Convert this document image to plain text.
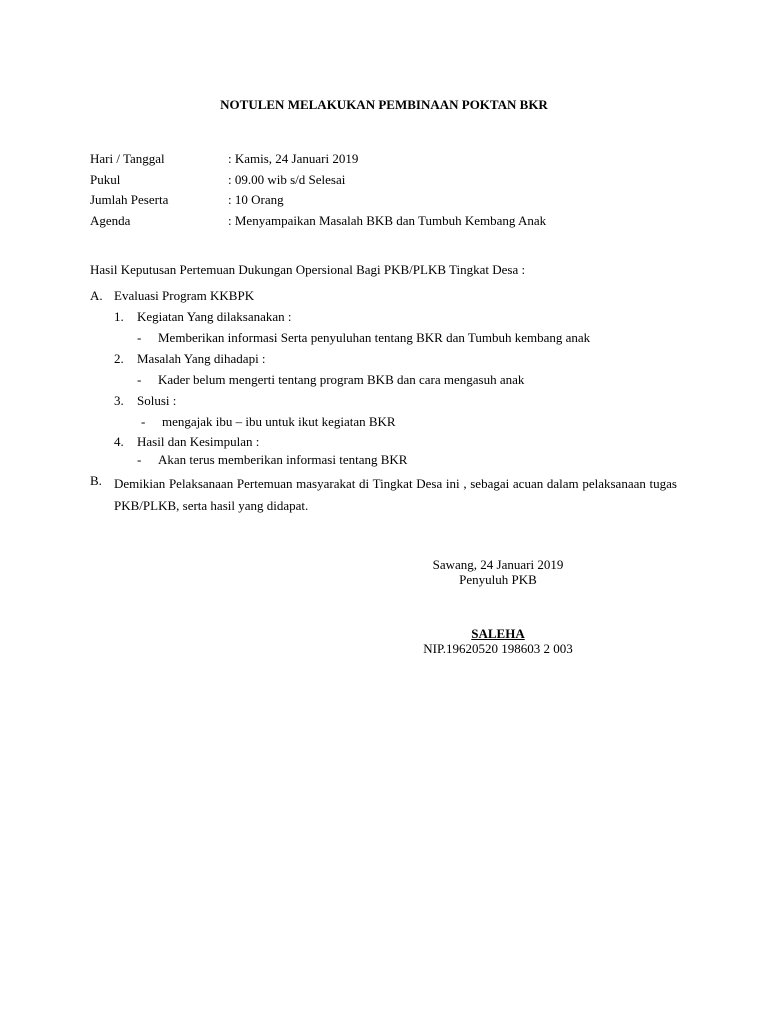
NOTULEN MELAKUKAN PEMBINAAN POKTAN BKR
Hari / Tanggal	: Kamis, 24 Januari 2019
Pukul	: 09.00 wib s/d Selesai
Jumlah Peserta	: 10 Orang
Agenda	: Menyampaikan Masalah BKB dan Tumbuh Kembang Anak
Hasil Keputusan Pertemuan Dukungan Opersional Bagi PKB/PLKB Tingkat Desa :
A. Evaluasi Program KKBPK
1. Kegiatan Yang dilaksanakan :
- Memberikan informasi Serta penyuluhan tentang BKR dan Tumbuh kembang anak
2. Masalah Yang dihadapi :
- Kader belum mengerti tentang program BKB dan cara mengasuh anak
3. Solusi :
- mengajak ibu – ibu untuk ikut kegiatan BKR
4. Hasil dan Kesimpulan :
- Akan terus memberikan informasi tentang BKR
B. Demikian Pelaksanaan Pertemuan masyarakat di Tingkat Desa ini , sebagai acuan dalam pelaksanaan tugas PKB/PLKB, serta hasil yang didapat.
Sawang, 24 Januari 2019
Penyuluh PKB
SALEHA
NIP.19620520 198603 2 003
